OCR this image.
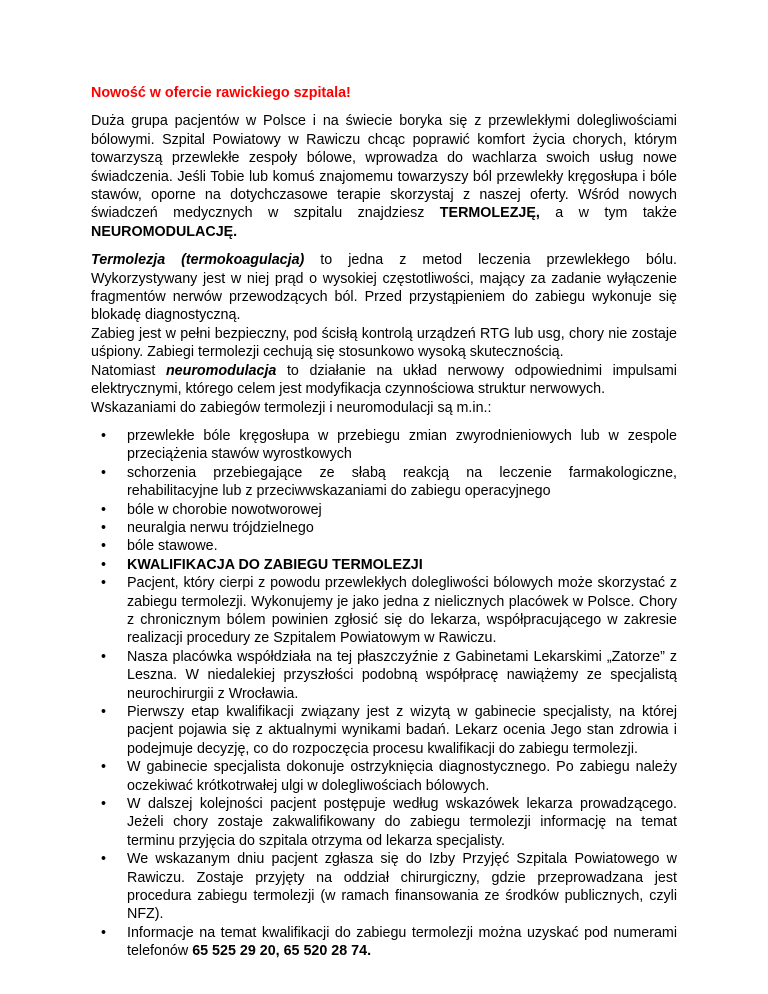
Nowość w ofercie rawickiego szpitala!

Duża grupa pacjentów w Polsce i na świecie boryka się z przewlekłymi dolegliwościami bólowymi. Szpital Powiatowy w Rawiczu chcąc poprawić komfort życia chorych, którym towarzyszą przewlekłe zespoły bólowe, wprowadza do wachlarza swoich usług nowe świadczenia. Jeśli Tobie lub komuś znajomemu towarzyszy ból przewlekły kręgosłupa i bóle stawów, oporne na dotychczasowe terapie skorzystaj z naszej oferty. Wśród nowych świadczeń medycznych w szpitalu znajdziesz TERMOLEZJĘ, a w tym także NEUROMODULACJĘ.

Termolezja (termokoagulacja) to jedna z metod leczenia przewlekłego bólu. Wykorzystywany jest w niej prąd o wysokiej częstotliwości, mający za zadanie wyłączenie fragmentów nerwów przewodzących ból. Przed przystąpieniem do zabiegu wykonuje się blokadę diagnostyczną.

Zabieg jest w pełni bezpieczny, pod ścisłą kontrolą urządzeń RTG lub usg, chory nie zostaje uśpiony. Zabiegi termolezji cechują się stosunkowo wysoką skutecznością.

Natomiast neuromodulacja to działanie na układ nerwowy odpowiednimi impulsami elektrycznymi, którego celem jest modyfikacja czynnościowa struktur nerwowych.

Wskazaniami do zabiegów termolezji i neuromodulacji są m.in.:

• przewlekłe bóle kręgosłupa w przebiegu zmian zwyrodnieniowych lub w zespole przeciążenia stawów wyrostkowych
• schorzenia przebiegające ze słabą reakcją na leczenie farmakologiczne, rehabilitacyjne lub z przeciwwskazaniami do zabiegu operacyjnego
• bóle w chorobie nowotworowej
• neuralgia nerwu trójdzielnego
• bóle stawowe.
• KWALIFIKACJA DO ZABIEGU TERMOLEZJI
• Pacjent, który cierpi z powodu przewlekłych dolegliwości bólowych może skorzystać z zabiegu termolezji. Wykonujemy je jako jedna z nielicznych placówek w Polsce. Chory z chronicznym bólem powinien zgłosić się do lekarza, współpracującego w zakresie realizacji procedury ze Szpitalem Powiatowym w Rawiczu.
• Nasza placówka współdziała na tej płaszczyźnie z Gabinetami Lekarskimi „Zatorze” z Leszna. W niedalekiej przyszłości podobną współpracę nawiążemy ze specjalistą neurochirurgii z Wrocławia.
• Pierwszy etap kwalifikacji związany jest z wizytą w gabinecie specjalisty, na której pacjent pojawia się z aktualnymi wynikami badań. Lekarz ocenia Jego stan zdrowia i podejmuje decyzję, co do rozpoczęcia procesu kwalifikacji do zabiegu termolezji.
• W gabinecie specjalista dokonuje ostrzyknięcia diagnostycznego. Po zabiegu należy oczekiwać krótkotrwałej ulgi w dolegliwościach bólowych.
• W dalszej kolejności pacjent postępuje według wskazówek lekarza prowadzącego. Jeżeli chory zostaje zakwalifikowany do zabiegu termolezji informację na temat terminu przyjęcia do szpitala otrzyma od lekarza specjalisty.
• We wskazanym dniu pacjent zgłasza się do Izby Przyjęć Szpitala Powiatowego w Rawiczu. Zostaje przyjęty na oddział chirurgiczny, gdzie przeprowadzana jest procedura zabiegu termolezji (w ramach finansowania ze środków publicznych, czyli NFZ).
• Informacje na temat kwalifikacji do zabiegu termolezji można uzyskać pod numerami telefonów 65 525 29 20, 65 520 28 74.
